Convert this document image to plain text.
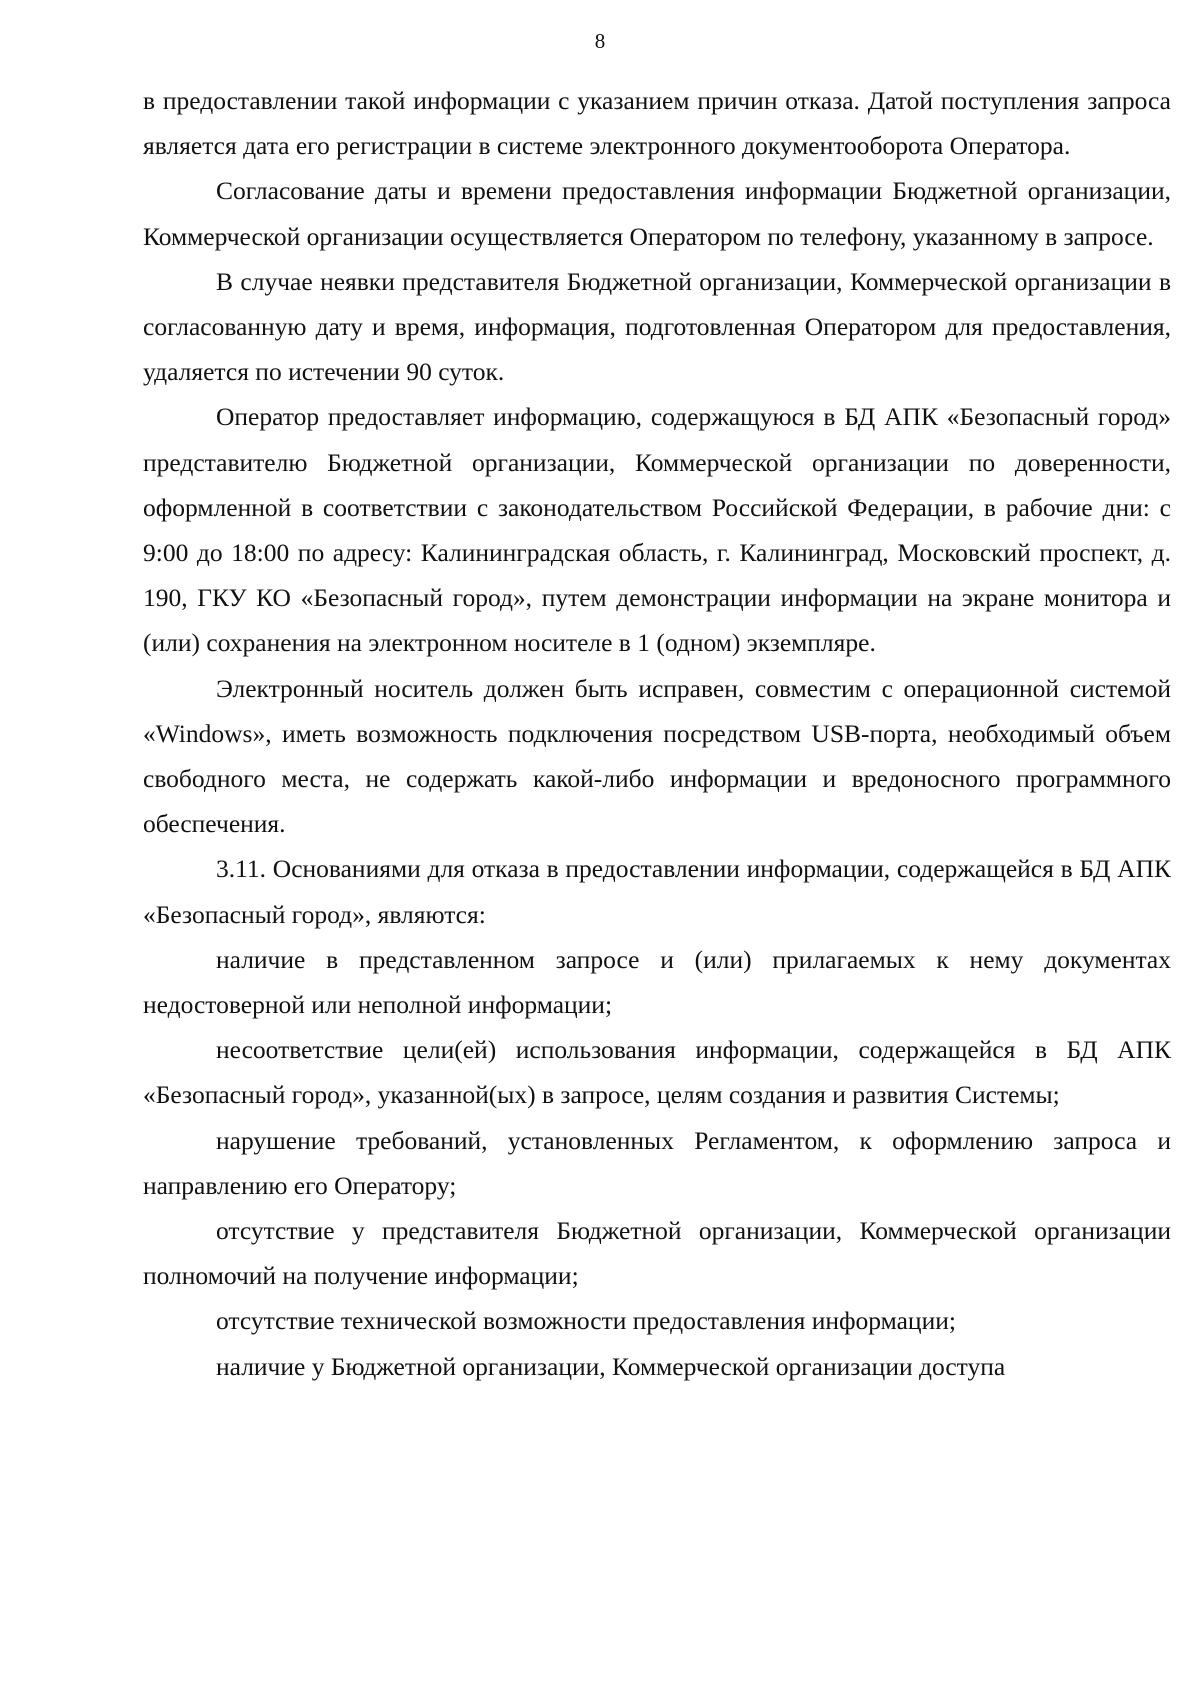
8

в предоставлении такой информации с указанием причин отказа. Датой поступления запроса является дата его регистрации в системе электронного документооборота Оператора.

Согласование даты и времени предоставления информации Бюджетной организации, Коммерческой организации осуществляется Оператором по телефону, указанному в запросе.

В случае неявки представителя Бюджетной организации, Коммерческой организации в согласованную дату и время, информация, подготовленная Оператором для предоставления, удаляется по истечении 90 суток.

Оператор предоставляет информацию, содержащуюся в БД АПК «Безопасный город» представителю Бюджетной организации, Коммерческой организации по доверенности, оформленной в соответствии с законодательством Российской Федерации, в рабочие дни: с 9:00 до 18:00 по адресу: Калининградская область, г. Калининград, Московский проспект, д. 190, ГКУ КО «Безопасный город», путем демонстрации информации на экране монитора и (или) сохранения на электронном носителе в 1 (одном) экземпляре.

Электронный носитель должен быть исправен, совместим с операционной системой «Windows», иметь возможность подключения посредством USB-порта, необходимый объем свободного места, не содержать какой-либо информации и вредоносного программного обеспечения.

3.11. Основаниями для отказа в предоставлении информации, содержащейся в БД АПК «Безопасный город», являются:

наличие в представленном запросе и (или) прилагаемых к нему документах недостоверной или неполной информации;

несоответствие цели(ей) использования информации, содержащейся в БД АПК «Безопасный город», указанной(ых) в запросе, целям создания и развития Системы;

нарушение требований, установленных Регламентом, к оформлению запроса и направлению его Оператору;

отсутствие у представителя Бюджетной организации, Коммерческой организации полномочий на получение информации;

отсутствие технической возможности предоставления информации;

наличие у Бюджетной организации, Коммерческой организации доступа
